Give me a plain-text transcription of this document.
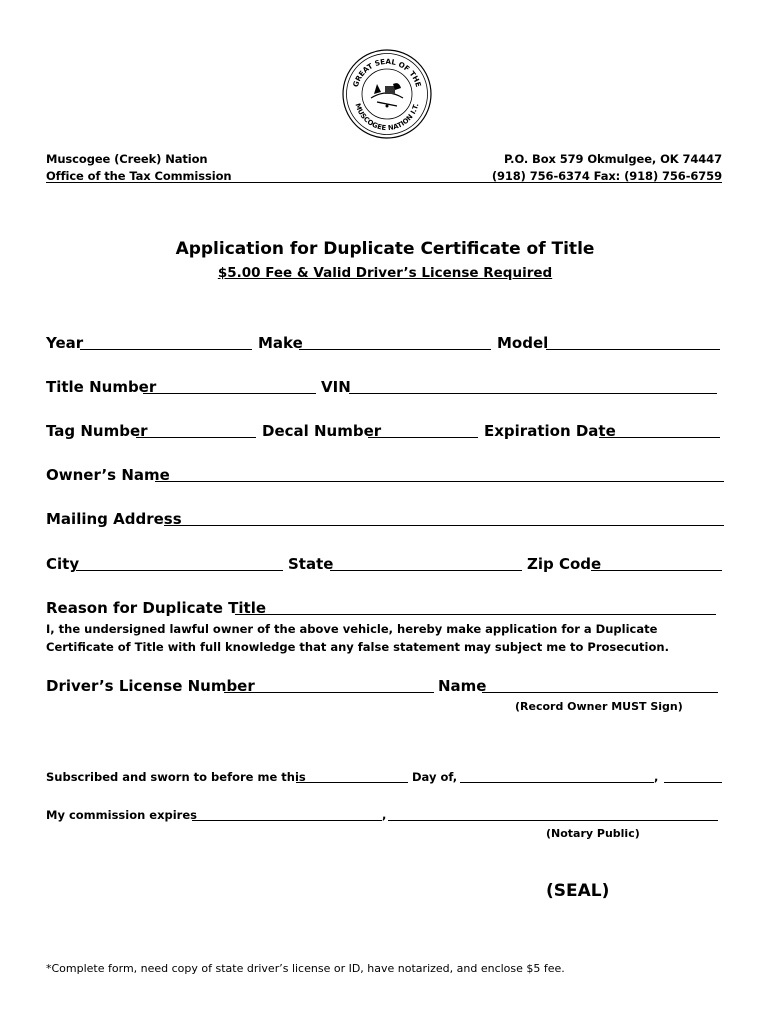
GREAT SEAL OF THE
MUSCOGEE NATION I.T.
Muscogee (Creek) Nation
Office of the Tax Commission
P.O. Box 579 Okmulgee, OK 74447
(918) 756-6374 Fax: (918) 756-6759
Application for Duplicate Certificate of Title
$5.00 Fee & Valid Driver’s License Required
Year	Make	Model
Title Number	VIN
Tag Number	Decal Number	Expiration Date
Owner’s Name
Mailing Address
City	State	Zip Code
Reason for Duplicate Title
I, the undersigned lawful owner of the above vehicle, hereby make application for a Duplicate Certificate of Title with full knowledge that any false statement may subject me to Prosecution.
Driver’s License Number	Name
(Record Owner MUST Sign)
Subscribed and sworn to before me this	Day of,	,
My commission expires	,
(Notary Public)
(SEAL)
*Complete form, need copy of state driver’s license or ID, have notarized, and enclose $5 fee.
